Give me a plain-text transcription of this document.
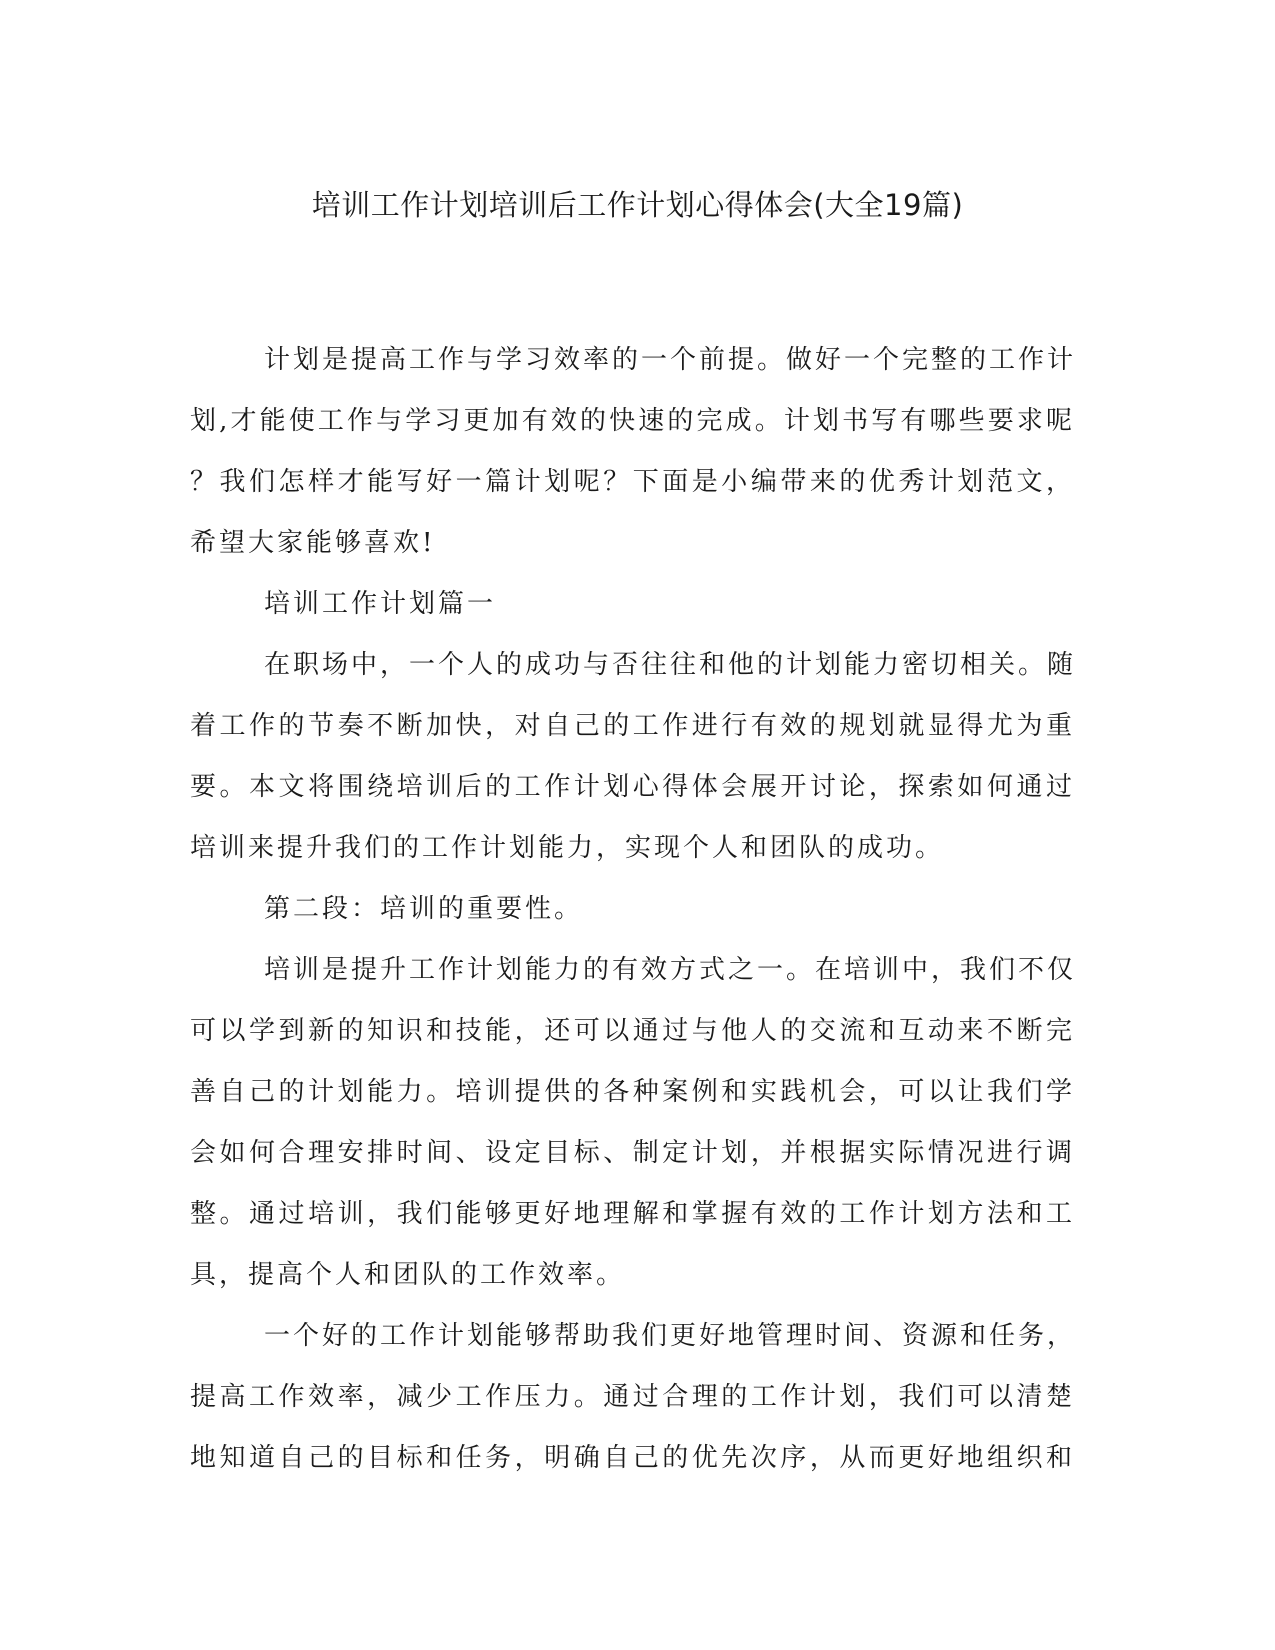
培训工作计划培训后工作计划心得体会(大全19篇)
计划是提高工作与学习效率的一个前提。做好一个完整的工作计
划,才能使工作与学习更加有效的快速的完成。计划书写有哪些要求呢
？我们怎样才能写好一篇计划呢？下面是小编带来的优秀计划范文，
希望大家能够喜欢!
培训工作计划篇一
在职场中，一个人的成功与否往往和他的计划能力密切相关。随
着工作的节奏不断加快，对自己的工作进行有效的规划就显得尤为重
要。本文将围绕培训后的工作计划心得体会展开讨论，探索如何通过
培训来提升我们的工作计划能力，实现个人和团队的成功。
第二段：培训的重要性。
培训是提升工作计划能力的有效方式之一。在培训中，我们不仅
可以学到新的知识和技能，还可以通过与他人的交流和互动来不断完
善自己的计划能力。培训提供的各种案例和实践机会，可以让我们学
会如何合理安排时间、设定目标、制定计划，并根据实际情况进行调
整。通过培训，我们能够更好地理解和掌握有效的工作计划方法和工
具，提高个人和团队的工作效率。
一个好的工作计划能够帮助我们更好地管理时间、资源和任务，
提高工作效率，减少工作压力。通过合理的工作计划，我们可以清楚
地知道自己的目标和任务，明确自己的优先次序，从而更好地组织和
